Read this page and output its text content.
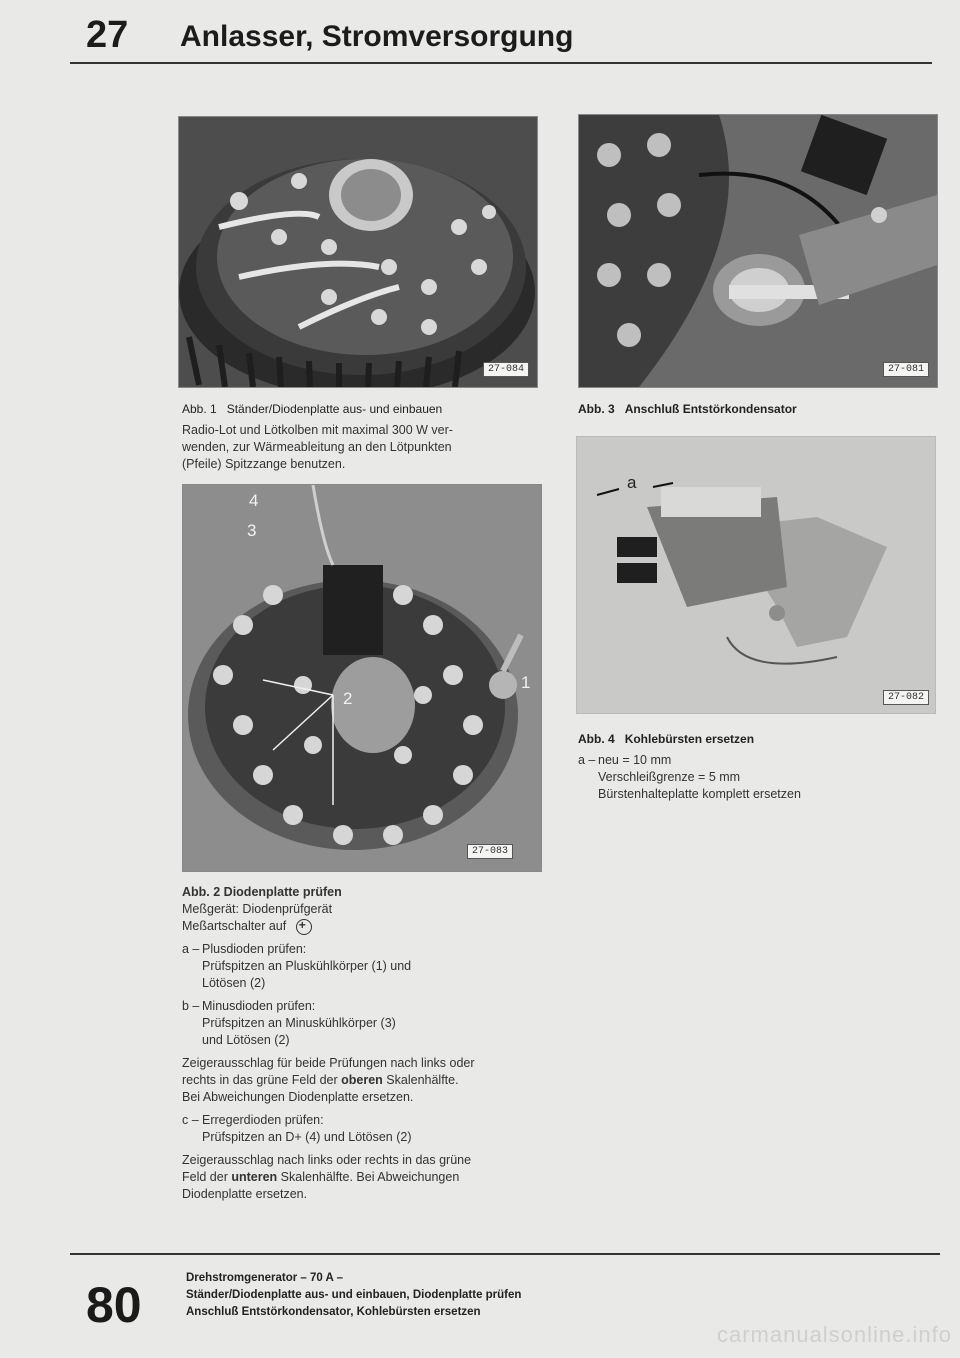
27 Anlasser, Stromversorgung
27-084	27-081
Abb. 1 Ständer/Diodenplatte aus- und einbauen	Abb. 3 Anschluß Entstörkondensator
Radio-Lot und Lötkolben mit maximal 300 W ver-
wenden, zur Wärmeableitung an den Lötpunkten
(Pfeile) Spitzzange benutzen.
4
3
2
1
27-083
a
27-082
Abb. 4 Kohlebürsten ersetzen
a – neu = 10 mm
Verschleißgrenze = 5 mm
Bürstenhalteplatte komplett ersetzen
Abb. 2 Diodenplatte prüfen
Meßgerät: Diodenprüfgerät
Meßartschalter auf +
a – Plusdioden prüfen:
Prüfspitzen an Pluskühlkörper (1) und
Lötösen (2)
b – Minusdioden prüfen:
Prüfspitzen an Minuskühlkörper (3)
und Lötösen (2)
Zeigerausschlag für beide Prüfungen nach links oder
rechts in das grüne Feld der oberen Skalenhälfte.
Bei Abweichungen Diodenplatte ersetzen.
c – Erregerdioden prüfen:
Prüfspitzen an D+ (4) und Lötösen (2)
Zeigerausschlag nach links oder rechts in das grüne
Feld der unteren Skalenhälfte. Bei Abweichungen
Diodenplatte ersetzen.
80	Drehstromgenerator – 70 A –
Ständer/Diodenplatte aus- und einbauen, Diodenplatte prüfen
Anschluß Entstörkondensator, Kohlebürsten ersetzen
carmanualsonline.info
